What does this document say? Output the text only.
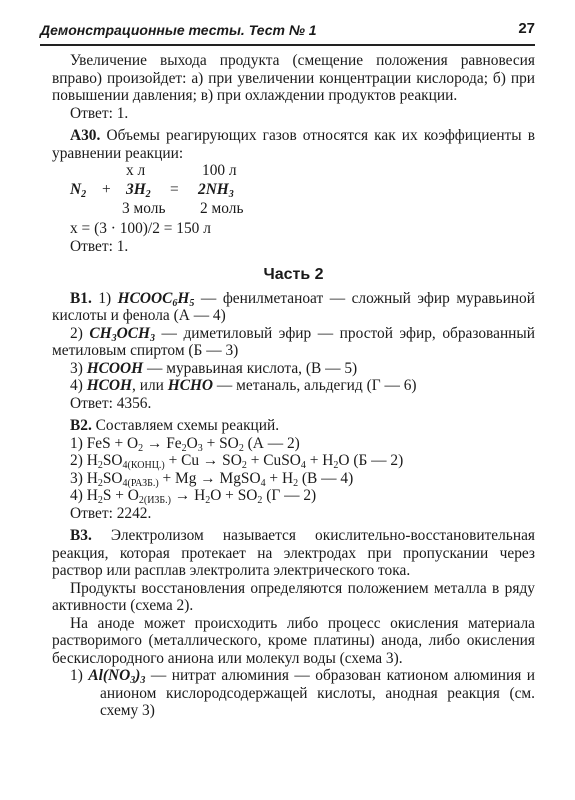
Демонстрационные тесты. Тест № 1	27

Увеличение выхода продукта (смещение положения равновесия вправо) произойдет: а) при увеличении концентрации кислорода; б) при повышении давления; в) при охлаждении продуктов реакции.

Ответ: 1.

А30. Объемы реагирующих газов относятся как их коэффициенты в уравнении реакции:

x л	100 л
$N_2 + 3H_2 = 2NH_3$
3 моль 2 моль

x = (3 · 100)/2 = 150 л

Ответ: 1.

Часть 2

В1. 1) $HCOOC_6H_5$ — фенилметаноат — сложный эфир муравьиной кислоты и фенола (А — 4)

2) $CH_3OCH_3$ — диметиловый эфир — простой эфир, образованный метиловым спиртом (Б — 3)

3) HCOOH — муравьиная кислота, (В — 5)

4) HCOH, или HCHO — метаналь, альдегид (Г — 6)

Ответ: 4356.

В2. Составляем схемы реакций.

1) FeS + $O_2 \to Fe_2O_3 + SO_2$ (А — 2)

2) $H_2SO_{4(КОНЦ.)} + Cu \to SO_2$ + CuSO$_4$ + $H_2O$ (Б — 2)

3) $H_2SO_{4(РАЗБ.)} + Mg$ → MgSO$_4$ + $H_2$ (В — 4)

4) $H_2S + O_{2(ИЗБ.)} \to H_2O + SO_2$ (Г — 2)

Ответ: 2242.

В3. Электролизом называется окислительно-восстановительная реакция, которая протекает на электродах при пропускании через раствор или расплав электролита электрического тока.

Продукты восстановления определяются положением металла в ряду активности (схема 2).

На аноде может происходить либо процесс окисления материала растворимого (металлического, кроме платины) анода, либо окисления бескислородного аниона или молекул воды (схема 3).

1) $Al(NO_3)_3$ — нитрат алюминия — образован катионом алюминия и анионом кислородсодержащей кислоты, анодная реакция (см. схему 3)
